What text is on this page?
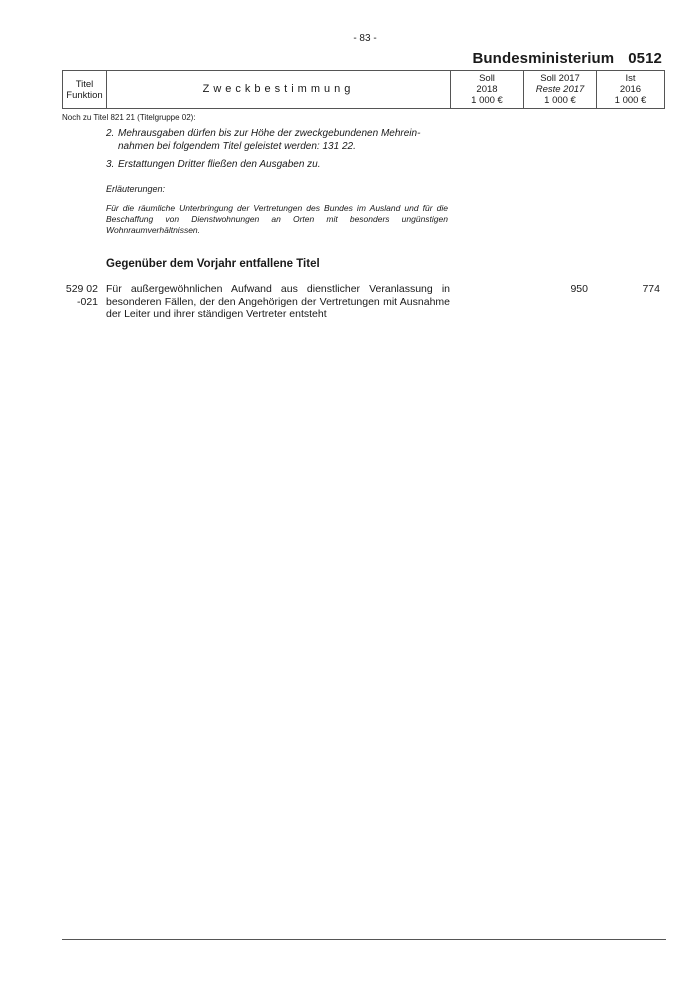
- 83 -
Bundesministerium 0512
Titel
Funktion	Zweckbestimmung
Soll
2018
1 000 €
Soll 2017
Reste 2017
1 000 €
Ist
2016
1 000 €
Noch zu Titel 821 21 (Titelgruppe 02):
2. Mehrausgaben dürfen bis zur Höhe der zweckgebundenen Mehrein-
nahmen bei folgendem Titel geleistet werden: 131 22.
3. Erstattungen Dritter fließen den Ausgaben zu.
Erläuterungen:
Für die räumliche Unterbringung der Vertretungen des Bundes im Ausland und für die Beschaffung von Dienstwohnungen an Orten mit besonders ungünstigen Wohnraumverhältnissen.
Gegenüber dem Vorjahr entfallene Titel
529 02
-021
Für außergewöhnlichen Aufwand aus dienstlicher Veranlassung in besonderen Fällen, der den Angehörigen der Vertretungen mit Ausnahme der Leiter und ihrer ständigen Vertreter entsteht
950	774
